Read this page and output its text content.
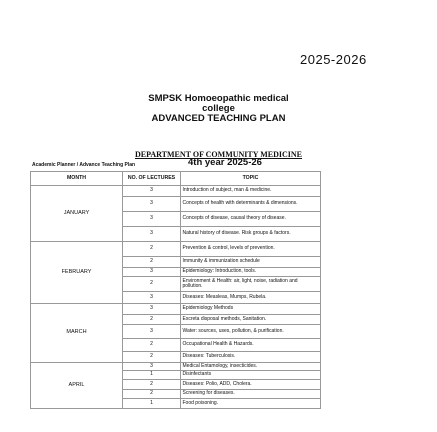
2025-2026
SMPSK Homoeopathic medical
college
ADVANCED TEACHING PLAN
DEPARTMENT OF COMMUNITY MEDICINE
Academic Planner / Advance Teaching Plan	4th year 2025-26
MONTH	NO. OF LECTURES	TOPIC
JANUARY	3	Introduction of subject, man & medicine.
	3	Concepts of health with determinants & dimensions.
	3	Concepts of disease, causal theory of disease.
	3	Natural history of disease. Risk groups & factors.
FEBRUARY	2	Prevention & control, levels of prevention.
	2	Immunity & immunization schedule
	3	Epidemiology: Introduction, tools.
	2	Environment & Health: air, light, noise, radiation and pollution.
	3	Diseases: Measleas, Mumps, Rubela.
MARCH	3	Epidemiology Methods
	2	Excreta disposal methods, Sanitation.
	3	Water: sources, uses, pollution, & purification.
	2	Occupational Health & Hazards.
	2	Diseases: Tuberculosis.
APRIL	3	Medical Entamology, insecticides.
	1	Disinfectants
	2	Diseases: Polio, ADD, Cholera.
	2	Screening for diseases.
	1	Food poisoning.
